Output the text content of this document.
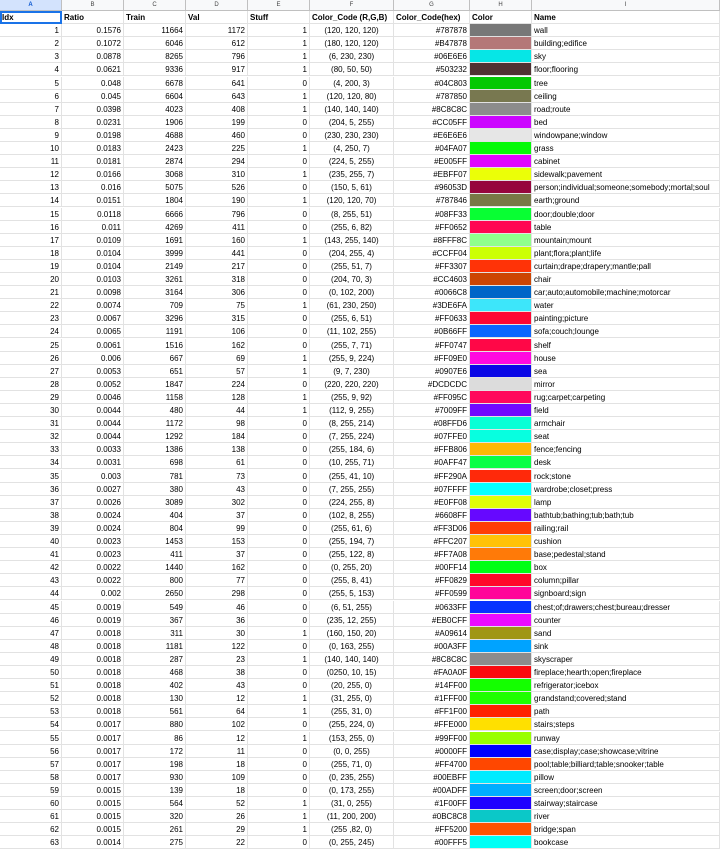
A	B	C	D	E	F	G	H	I
Idx	Ratio	Train	Val	Stuff	Color_Code (R,G,B)	Color_Code(hex)	Color	Name
1	0.1576	11664	1172	1	(120, 120, 120)	#787878	wall
2	0.1072	6046	612	1	(180, 120, 120)	#B47878	building;edifice
3	0.0878	8265	796	1	(6, 230, 230)	#06E6E6	sky
4	0.0621	9336	917	1	(80, 50, 50)	#503232	floor;flooring
5	0.048	6678	641	0	(4, 200, 3)	#04C803	tree
6	0.045	6604	643	1	(120, 120, 80)	#787850	ceiling
7	0.0398	4023	408	1	(140, 140, 140)	#8C8C8C	road;route
8	0.0231	1906	199	0	(204, 5, 255)	#CC05FF	bed
9	0.0198	4688	460	0	(230, 230, 230)	#E6E6E6	windowpane;window
10	0.0183	2423	225	1	(4, 250, 7)	#04FA07	grass
11	0.0181	2874	294	0	(224, 5, 255)	#E005FF	cabinet
12	0.0166	3068	310	1	(235, 255, 7)	#EBFF07	sidewalk;pavement
13	0.016	5075	526	0	(150, 5, 61)	#96053D	person;individual;someone;somebody;mortal;soul
14	0.0151	1804	190	1	(120, 120, 70)	#787846	earth;ground
15	0.0118	6666	796	0	(8, 255, 51)	#08FF33	door;double;door
16	0.011	4269	411	0	(255, 6, 82)	#FF0652	table
17	0.0109	1691	160	1	(143, 255, 140)	#8FFF8C	mountain;mount
18	0.0104	3999	441	0	(204, 255, 4)	#CCFF04	plant;flora;plant;life
19	0.0104	2149	217	0	(255, 51, 7)	#FF3307	curtain;drape;drapery;mantle;pall
20	0.0103	3261	318	0	(204, 70, 3)	#CC4603	chair
21	0.0098	3164	306	0	(0, 102, 200)	#0066C8	car;auto;automobile;machine;motorcar
22	0.0074	709	75	1	(61, 230, 250)	#3DE6FA	water
23	0.0067	3296	315	0	(255, 6, 51)	#FF0633	painting;picture
24	0.0065	1191	106	0	(11, 102, 255)	#0B66FF	sofa;couch;lounge
25	0.0061	1516	162	0	(255, 7, 71)	#FF0747	shelf
26	0.006	667	69	1	(255, 9, 224)	#FF09E0	house
27	0.0053	651	57	1	(9, 7, 230)	#0907E6	sea
28	0.0052	1847	224	0	(220, 220, 220)	#DCDCDC	mirror
29	0.0046	1158	128	1	(255, 9, 92)	#FF095C	rug;carpet;carpeting
30	0.0044	480	44	1	(112, 9, 255)	#7009FF	field
31	0.0044	1172	98	0	(8, 255, 214)	#08FFD6	armchair
32	0.0044	1292	184	0	(7, 255, 224)	#07FFE0	seat
33	0.0033	1386	138	0	(255, 184, 6)	#FFB806	fence;fencing
34	0.0031	698	61	0	(10, 255, 71)	#0AFF47	desk
35	0.003	781	73	0	(255, 41, 10)	#FF290A	rock;stone
36	0.0027	380	43	0	(7, 255, 255)	#07FFFF	wardrobe;closet;press
37	0.0026	3089	302	0	(224, 255, 8)	#E0FF08	lamp
38	0.0024	404	37	0	(102, 8, 255)	#6608FF	bathtub;bathing;tub;bath;tub
39	0.0024	804	99	0	(255, 61, 6)	#FF3D06	railing;rail
40	0.0023	1453	153	0	(255, 194, 7)	#FFC207	cushion
41	0.0023	411	37	0	(255, 122, 8)	#FF7A08	base;pedestal;stand
42	0.0022	1440	162	0	(0, 255, 20)	#00FF14	box
43	0.0022	800	77	0	(255, 8, 41)	#FF0829	column;pillar
44	0.002	2650	298	0	(255, 5, 153)	#FF0599	signboard;sign
45	0.0019	549	46	0	(6, 51, 255)	#0633FF	chest;of;drawers;chest;bureau;dresser
46	0.0019	367	36	0	(235, 12, 255)	#EB0CFF	counter
47	0.0018	311	30	1	(160, 150, 20)	#A09614	sand
48	0.0018	1181	122	0	(0, 163, 255)	#00A3FF	sink
49	0.0018	287	23	1	(140, 140, 140)	#8C8C8C	skyscraper
50	0.0018	468	38	0	(0250, 10, 15)	#FA0A0F	fireplace;hearth;open;fireplace
51	0.0018	402	43	0	(20, 255, 0)	#14FF00	refrigerator;icebox
52	0.0018	130	12	1	(31, 255, 0)	#1FFF00	grandstand;covered;stand
53	0.0018	561	64	1	(255, 31, 0)	#FF1F00	path
54	0.0017	880	102	0	(255, 224, 0)	#FFE000	stairs;steps
55	0.0017	86	12	1	(153, 255, 0)	#99FF00	runway
56	0.0017	172	11	0	(0, 0, 255)	#0000FF	case;display;case;showcase;vitrine
57	0.0017	198	18	0	(255, 71, 0)	#FF4700	pool;table;billiard;table;snooker;table
58	0.0017	930	109	0	(0, 235, 255)	#00EBFF	pillow
59	0.0015	139	18	0	(0, 173, 255)	#00ADFF	screen;door;screen
60	0.0015	564	52	1	(31, 0, 255)	#1F00FF	stairway;staircase
61	0.0015	320	26	1	(11, 200, 200)	#0BC8C8	river
62	0.0015	261	29	1	(255 ,82, 0)	#FF5200	bridge;span
63	0.0014	275	22	0	(0, 255, 245)	#00FFF5	bookcase
